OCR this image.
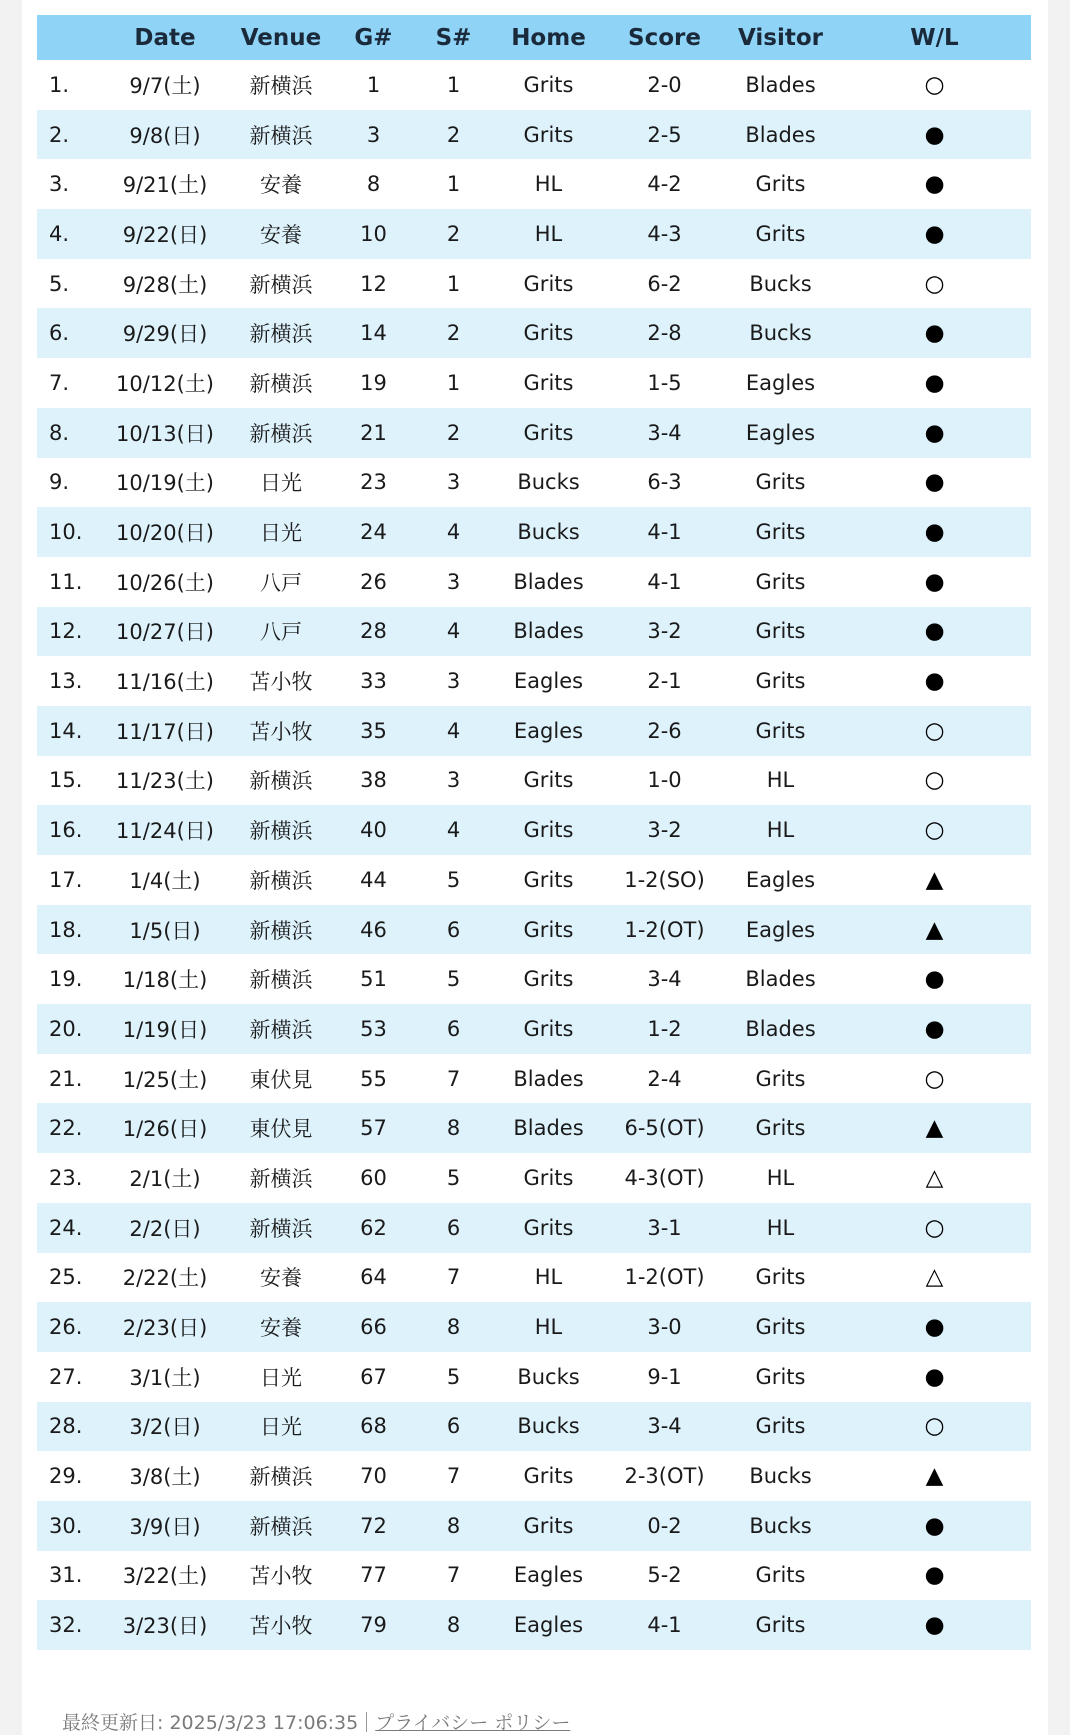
	Date	Venue	G#	S#	Home	Score	Visitor	W/L
1.	9/7(土)	新横浜	1	1	Grits	2-0	Blades	○
2.	9/8(日)	新横浜	3	2	Grits	2-5	Blades	●
3.	9/21(土)	安養	8	1	HL	4-2	Grits	●
4.	9/22(日)	安養	10	2	HL	4-3	Grits	●
5.	9/28(土)	新横浜	12	1	Grits	6-2	Bucks	○
6.	9/29(日)	新横浜	14	2	Grits	2-8	Bucks	●
7.	10/12(土)	新横浜	19	1	Grits	1-5	Eagles	●
8.	10/13(日)	新横浜	21	2	Grits	3-4	Eagles	●
9.	10/19(土)	日光	23	3	Bucks	6-3	Grits	●
10.	10/20(日)	日光	24	4	Bucks	4-1	Grits	●
11.	10/26(土)	八戸	26	3	Blades	4-1	Grits	●
12.	10/27(日)	八戸	28	4	Blades	3-2	Grits	●
13.	11/16(土)	苫小牧	33	3	Eagles	2-1	Grits	●
14.	11/17(日)	苫小牧	35	4	Eagles	2-6	Grits	○
15.	11/23(土)	新横浜	38	3	Grits	1-0	HL	○
16.	11/24(日)	新横浜	40	4	Grits	3-2	HL	○
17.	1/4(土)	新横浜	44	5	Grits	1-2(SO)	Eagles	▲
18.	1/5(日)	新横浜	46	6	Grits	1-2(OT)	Eagles	▲
19.	1/18(土)	新横浜	51	5	Grits	3-4	Blades	●
20.	1/19(日)	新横浜	53	6	Grits	1-2	Blades	●
21.	1/25(土)	東伏見	55	7	Blades	2-4	Grits	○
22.	1/26(日)	東伏見	57	8	Blades	6-5(OT)	Grits	▲
23.	2/1(土)	新横浜	60	5	Grits	4-3(OT)	HL	△
24.	2/2(日)	新横浜	62	6	Grits	3-1	HL	○
25.	2/22(土)	安養	64	7	HL	1-2(OT)	Grits	△
26.	2/23(日)	安養	66	8	HL	3-0	Grits	●
27.	3/1(土)	日光	67	5	Bucks	9-1	Grits	●
28.	3/2(日)	日光	68	6	Bucks	3-4	Grits	○
29.	3/8(土)	新横浜	70	7	Grits	2-3(OT)	Bucks	▲
30.	3/9(日)	新横浜	72	8	Grits	0-2	Bucks	●
31.	3/22(土)	苫小牧	77	7	Eagles	5-2	Grits	●
32.	3/23(日)	苫小牧	79	8	Eagles	4-1	Grits	●
最終更新日: 2025/3/23 17:06:35 プライバシー ポリシー
